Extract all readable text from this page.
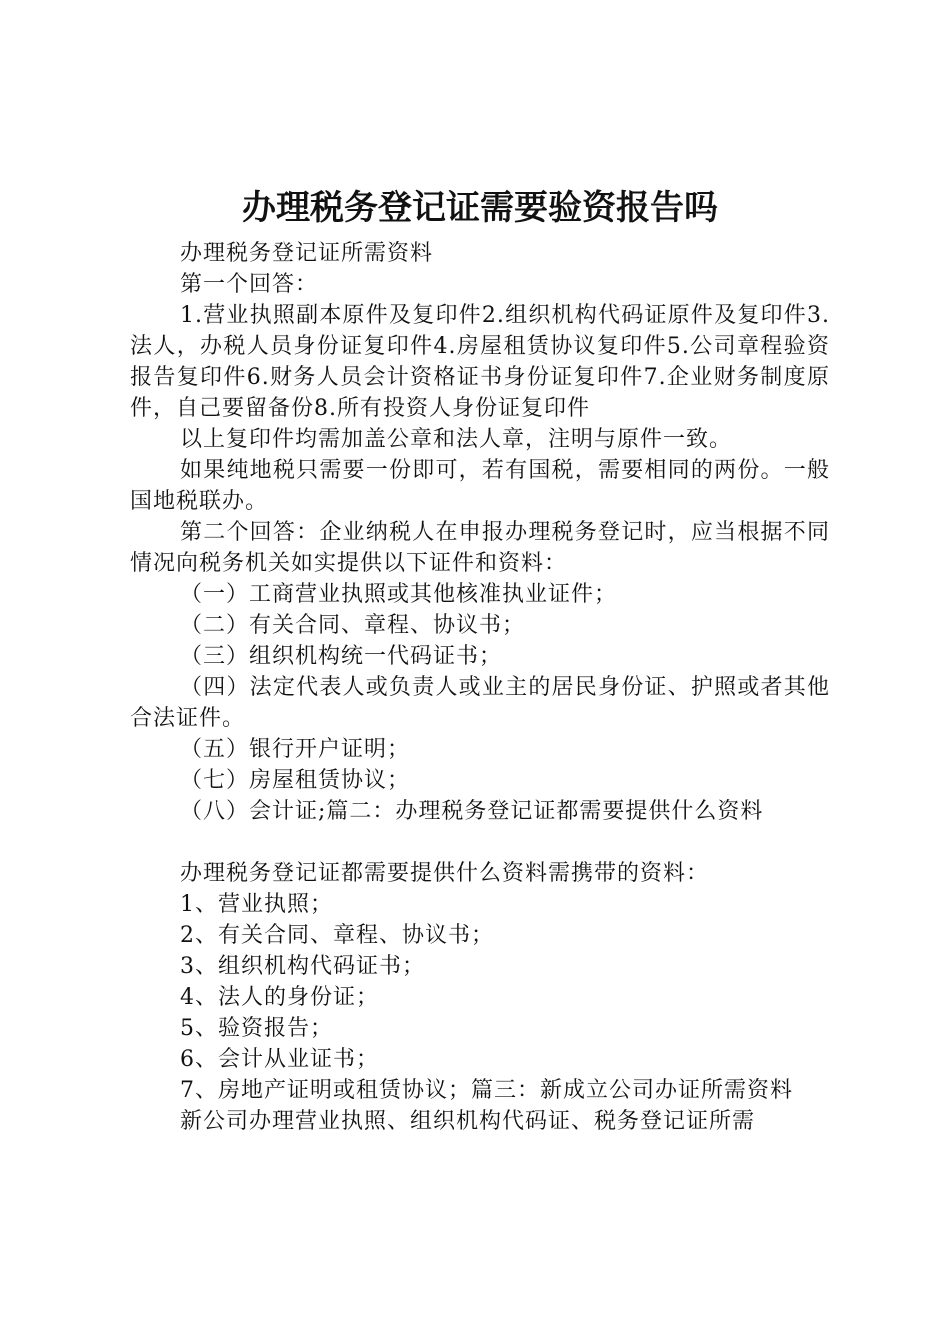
办理税务登记证需要验资报告吗

办理税务登记证所需资料

第一个回答：

1.营业执照副本原件及复印件2.组织机构代码证原件及复印件3.法人，办税人员身份证复印件4.房屋租赁协议复印件5.公司章程验资报告复印件6.财务人员会计资格证书身份证复印件7.企业财务制度原件，自己要留备份8.所有投资人身份证复印件

以上复印件均需加盖公章和法人章，注明与原件一致。

如果纯地税只需要一份即可，若有国税，需要相同的两份。一般国地税联办。

第二个回答：企业纳税人在申报办理税务登记时，应当根据不同情况向税务机关如实提供以下证件和资料：

（一）工商营业执照或其他核准执业证件；

（二）有关合同、章程、协议书；

（三）组织机构统一代码证书；

（四）法定代表人或负责人或业主的居民身份证、护照或者其他合法证件。

（五）银行开户证明；

（七）房屋租赁协议；

（八）会计证;篇二：办理税务登记证都需要提供什么资料

办理税务登记证都需要提供什么资料需携带的资料：

1、营业执照；

2、有关合同、章程、协议书；

3、组织机构代码证书；

4、法人的身份证；

5、验资报告；

6、会计从业证书；

7、房地产证明或租赁协议；篇三：新成立公司办证所需资料

新公司办理营业执照、组织机构代码证、税务登记证所需
